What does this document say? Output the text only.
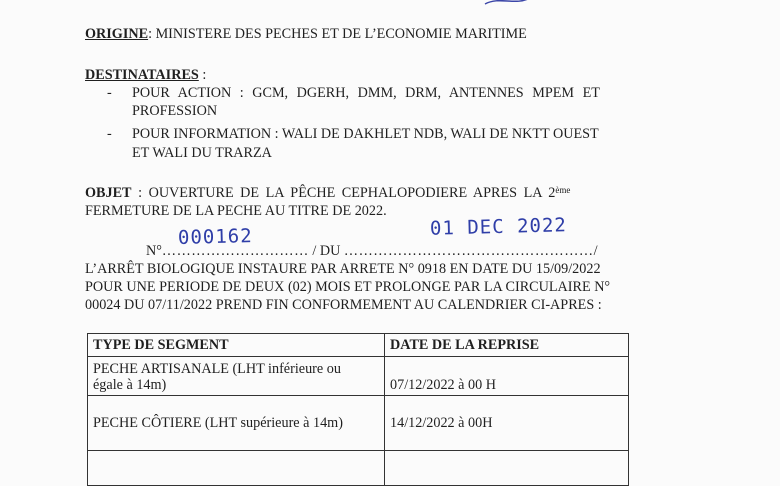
ORIGINE: MINISTERE DES PECHES ET DE L’ECONOMIE MARITIME
DESTINATAIRES :
- POUR ACTION : GCM, DGERH, DMM, DRM, ANTENNES MPEM ET
PROFESSION
- POUR INFORMATION : WALI DE DAKHLET NDB, WALI DE NKTT OUEST
ET WALI DU TRARZA
OBJET : OUVERTURE DE LA PÊCHE CEPHALOPODIERE APRES LA 2ème
FERMETURE DE LA PECHE AU TITRE DE 2022.
000162	01 DEC 2022
N°………………………… / DU ……………………………………………/
L’ARRÊT BIOLOGIQUE INSTAURE PAR ARRETE N° 0918 EN DATE DU 15/09/2022
POUR UNE PERIODE DE DEUX (02) MOIS ET PROLONGE PAR LA CIRCULAIRE N°
00024 DU 07/11/2022 PREND FIN CONFORMEMENT AU CALENDRIER CI-APRES :
TYPE DE SEGMENT	DATE DE LA REPRISE

PECHE ARTISANALE (LHT inférieure ou
égale à 14m)	07/12/2022 à 00 H

PECHE CÔTIERE (LHT supérieure à 14m)	14/12/2022 à 00H
